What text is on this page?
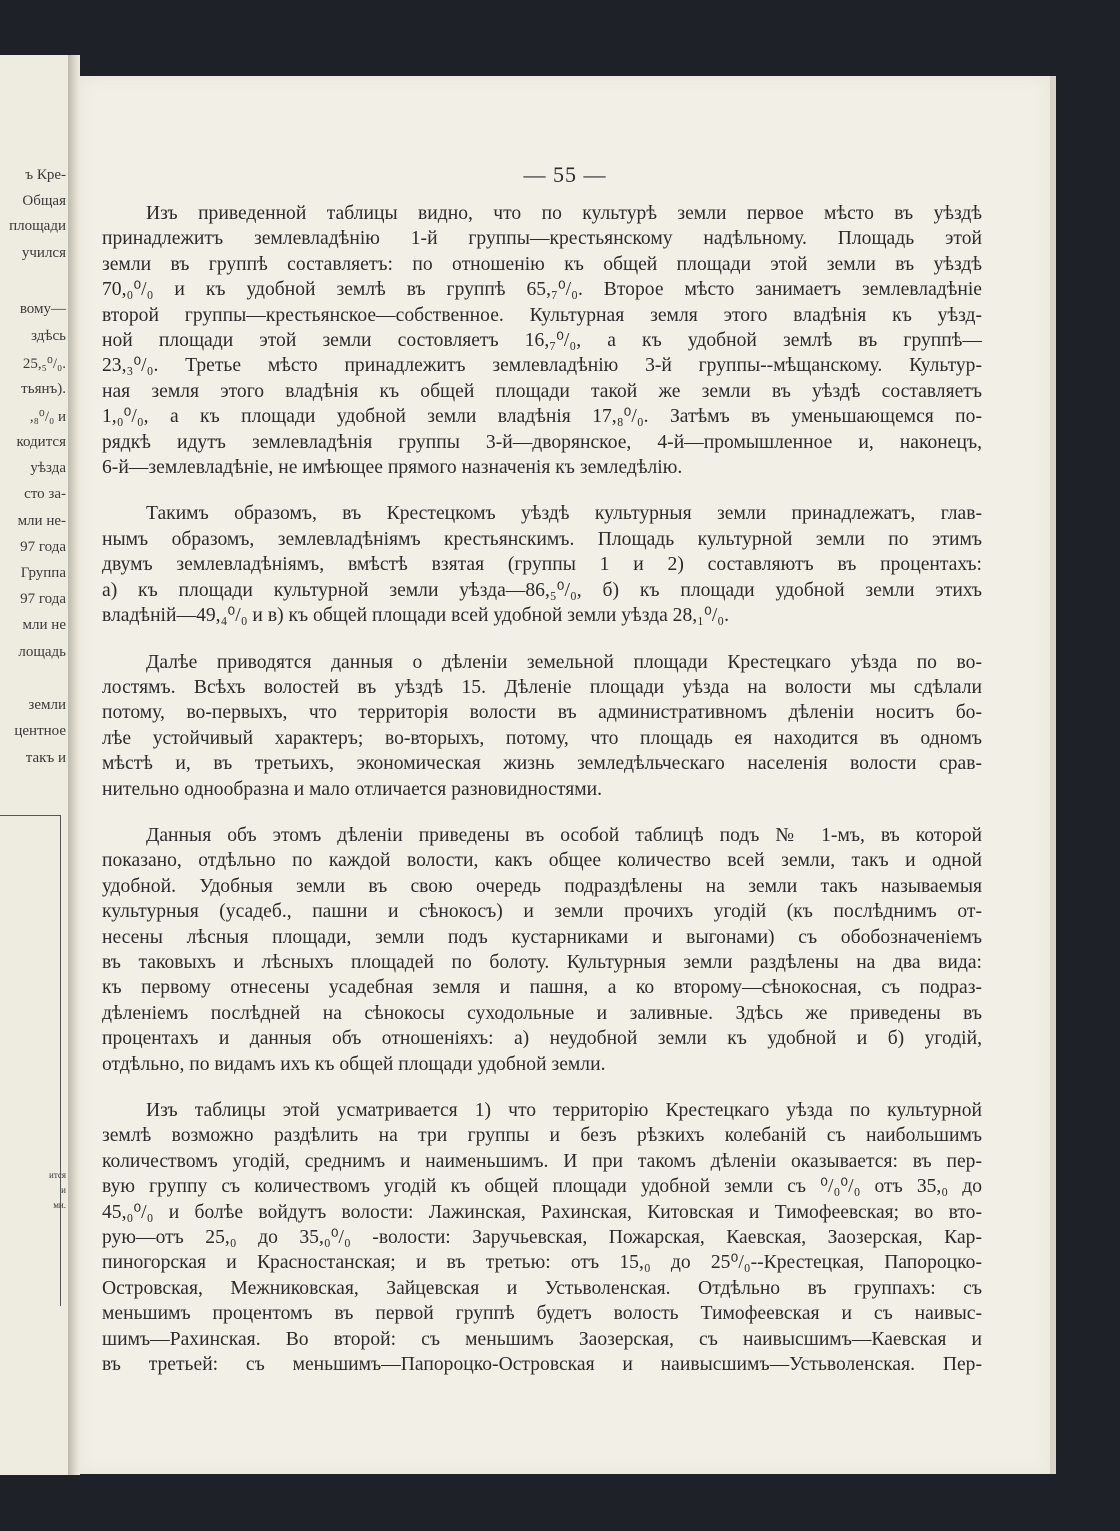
ъ Кре-
Общая
площади
учился
вому—
здѣсь
25,₅⁰/₀.
тьянъ).
,₈⁰/₀ и
кодится
уѣзда
сто за-
мли не-
97 года
Группа
97 года
мли не
лощадь
земли
центное
такъ и
ится
и
ми.
— 55 —

Изъ приведенной таблицы видно, что по культурѣ земли первое мѣсто въ уѣздѣ
принадлежитъ землевладѣнію 1-й группы—крестьянскому надѣльному. Площадь этой
земли въ группѣ составляетъ: по отношенію къ общей площади этой земли въ уѣздѣ
70,₀⁰/₀ и къ удобной землѣ въ группѣ 65,₇⁰/₀. Второе мѣсто занимаетъ землевладѣніе
второй группы—крестьянское—собственное. Культурная земля этого владѣнія къ уѣзд-
ной площади этой земли состовляетъ 16,₇⁰/₀, а къ удобной землѣ въ группѣ—
23,₃⁰/₀. Третье мѣсто принадлежитъ землевладѣнію 3-й группы--мѣщанскому. Культур-
ная земля этого владѣнія къ общей площади такой же земли въ уѣздѣ составляетъ
1,₀⁰/₀, а къ площади удобной земли владѣнія 17,₈⁰/₀. Затѣмъ въ уменьшающемся по-
рядкѣ идутъ землевладѣнія группы 3-й—дворянское, 4-й—промышленное и, наконецъ,
6-й—землевладѣніе, не имѣющее прямого назначенія къ земледѣлію.

Такимъ образомъ, въ Крестецкомъ уѣздѣ культурныя земли принадлежатъ, глав-
нымъ образомъ, землевладѣніямъ крестьянскимъ. Площадь культурной земли по этимъ
двумъ землевладѣніямъ, вмѣстѣ взятая (группы 1 и 2) составляютъ въ процентахъ:
а) къ площади культурной земли уѣзда—86,₅⁰/₀, б) къ площади удобной земли этихъ
владѣній—49,₄⁰/₀ и в) къ общей площади всей удобной земли уѣзда 28,₁⁰/₀.

Далѣе приводятся данныя о дѣленіи земельной площади Крестецкаго уѣзда по во-
лостямъ. Всѣхъ волостей въ уѣздѣ 15. Дѣленіе площади уѣзда на волости мы сдѣлали
потому, во-первыхъ, что территорія волости въ административномъ дѣленіи носитъ бо-
лѣе устойчивый характеръ; во-вторыхъ, потому, что площадь ея находится въ одномъ
мѣстѣ и, въ третьихъ, экономическая жизнь земледѣльческаго населенія волости срав-
нительно однообразна и мало отличается разновидностями.

Данныя объ этомъ дѣленіи приведены въ особой таблицѣ подъ № 1-мъ, въ которой
показано, отдѣльно по каждой волости, какъ общее количество всей земли, такъ и одной
удобной. Удобныя земли въ свою очередь подраздѣлены на земли такъ называемыя
культурныя (усадеб., пашни и сѣнокосъ) и земли прочихъ угодій (къ послѣднимъ от-
несены лѣсныя площади, земли подъ кустарниками и выгонами) съ обобозначеніемъ
въ таковыхъ и лѣсныхъ площадей по болоту. Культурныя земли раздѣлены на два вида:
къ первому отнесены усадебная земля и пашня, а ко второму—сѣнокосная, съ подраз-
дѣленіемъ послѣдней на сѣнокосы суходольные и заливные. Здѣсь же приведены въ
процентахъ и данныя объ отношеніяхъ: а) неудобной земли къ удобной и б) угодій,
отдѣльно, по видамъ ихъ къ общей площади удобной земли.

Изъ таблицы этой усматривается 1) что территорію Крестецкаго уѣзда по культурной
землѣ возможно раздѣлить на три группы и безъ рѣзкихъ колебаній съ наибольшимъ
количествомъ угодій, среднимъ и наименьшимъ. И при такомъ дѣленіи оказывается: въ пер-
вую группу съ количествомъ угодій къ общей площади удобной земли съ ⁰/₀⁰/₀ отъ 35,₀ до
45,₀⁰/₀ и болѣе войдутъ волости: Лажинская, Рахинская, Китовская и Тимофеевская; во вто-
рую—отъ 25,₀ до 35,₀⁰/₀ -волости: Заручьевская, Пожарская, Каевская, Заозерская, Кар-
пиногорская и Красностанская; и въ третью: отъ 15,₀ до 25⁰/₀--Крестецкая, Папороцко-
Островская, Межниковская, Зайцевская и Устьволенская. Отдѣльно въ группахъ: съ
меньшимъ процентомъ въ первой группѣ будетъ волость Тимофеевская и съ наивыс-
шимъ—Рахинская. Во второй: съ меньшимъ Заозерская, съ наивысшимъ—Каевская и
въ третьей: съ меньшимъ—Папороцко-Островская и наивысшимъ—Устьволенская. Пер-
